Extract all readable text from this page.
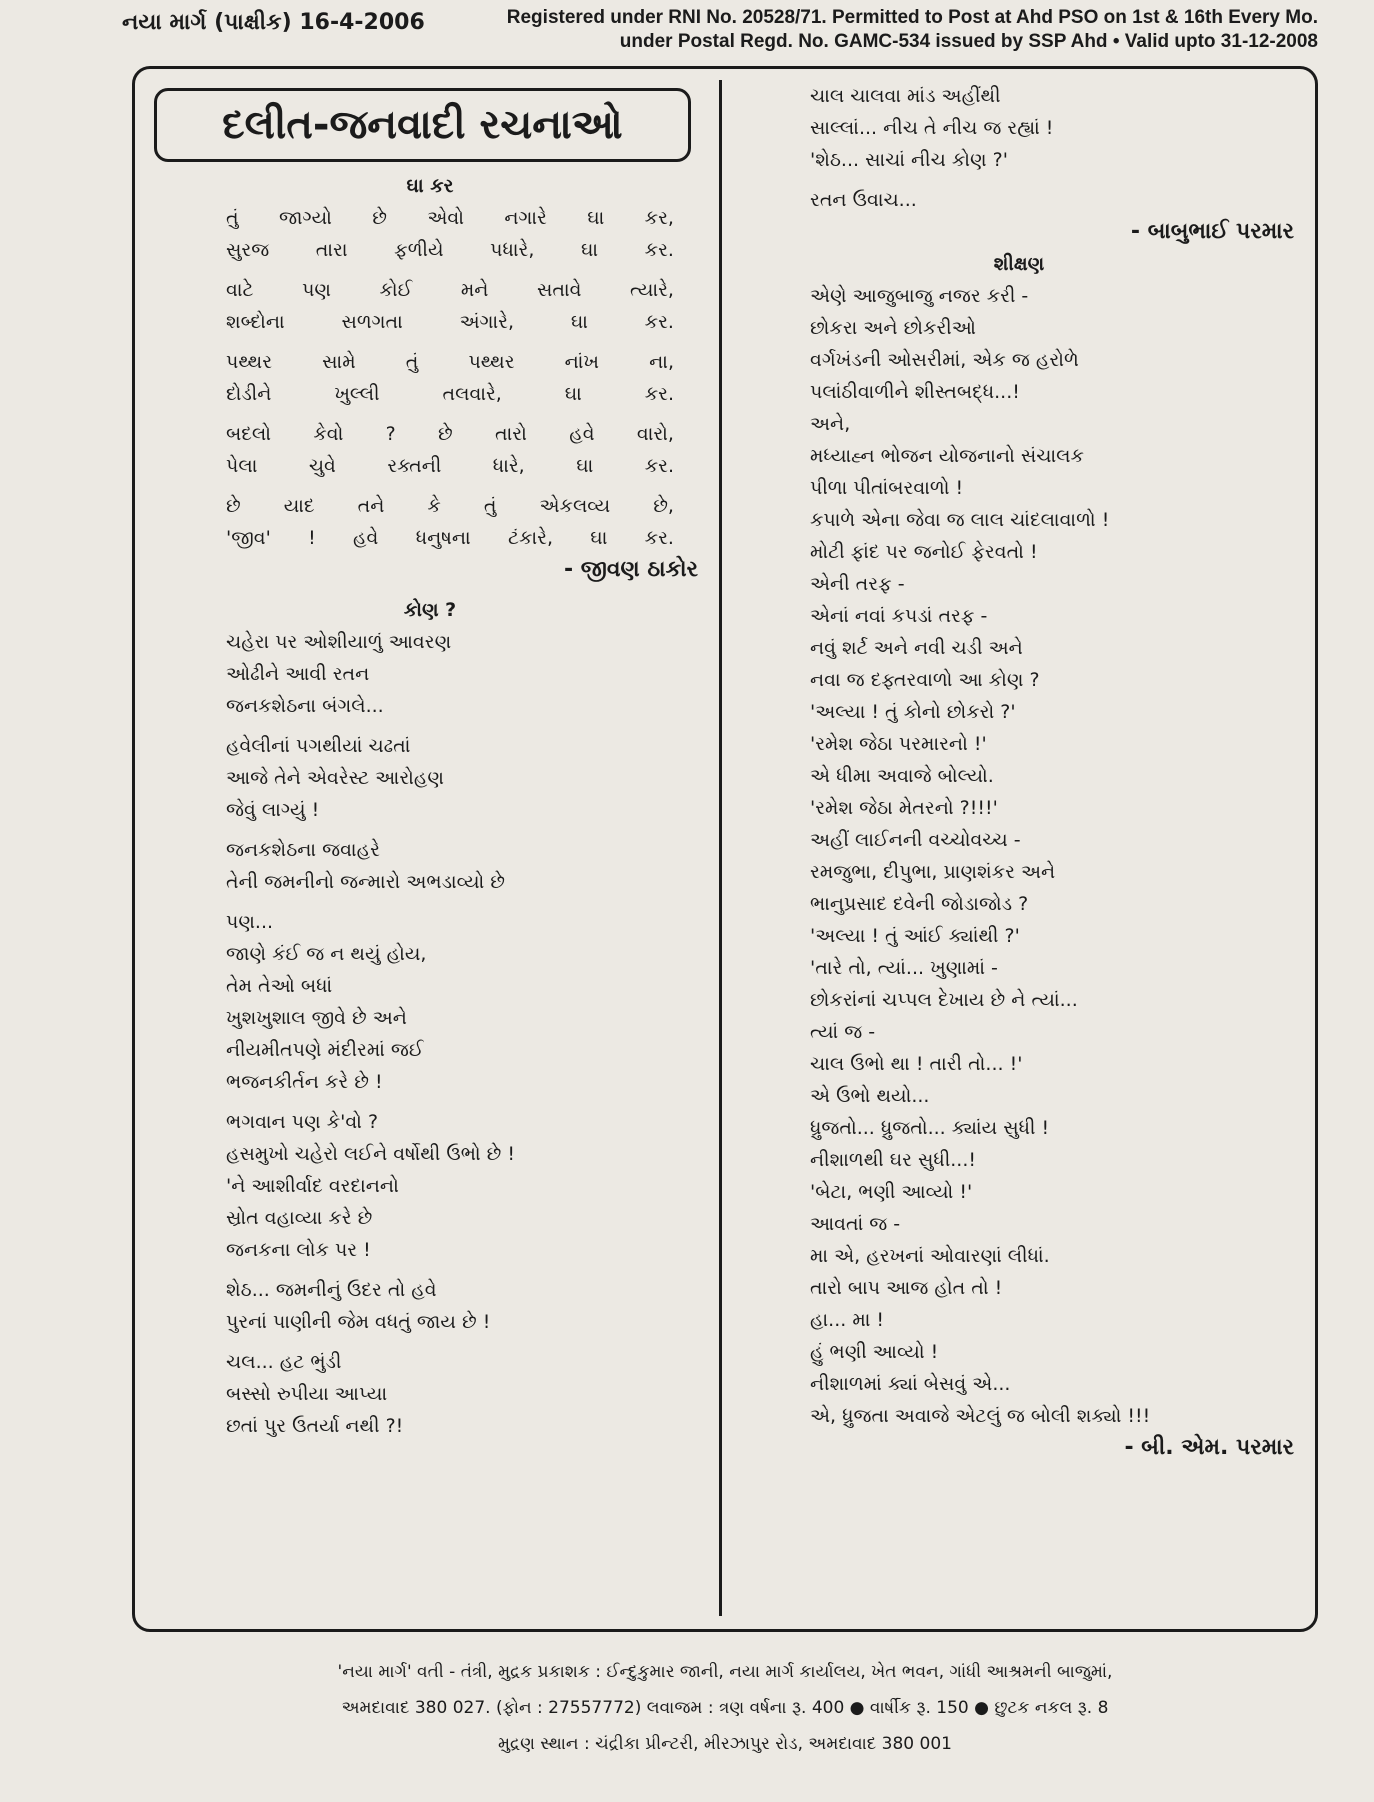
નયા માર્ગ (પાક્ષીક) 16-4-2006	Registered under RNI No. 20528/71. Permitted to Post at Ahd PSO on 1st & 16th Every Mo.
under Postal Regd. No. GAMC-534 issued by SSP Ahd • Valid upto 31-12-2008
દલીત-જનવાદી રચનાઓ
ઘા કર
તું જાગ્યો છે એવો નગારે ઘા કર,
સુરજ તારા ફળીયે પધારે, ઘા કર.
વાટે	પણ	કોઈ	મને	સતાવે	ત્યારે,
શબ્દોના	સળગતા	અંગારે,	ઘા	કર.
પથ્થર	સામે	તું	પથ્થર	નાંખ	ના,
દોડીને	ખુલ્લી	તલવારે,	ઘા	કર.
બદલો કેવો ? છે તારો હવે વારો,
પેલા	ચુવે	રક્તની	ધારે,	ઘા	કર.
છે યાદ તને કે તું એકલવ્ય છે,
'જીવ' ! હવે ધનુષના ટંકારે, ઘા કર.
- જીવણ ઠાકોર
કોણ ?
ચહેરા પર ઓશીયાળું આવરણ
ઓઢીને આવી રતન
જનકશેઠના બંગલે...
હવેલીનાં પગથીયાં ચઢતાં
આજે તેને એવરેસ્ટ આરોહણ
જેવું લાગ્યું !
જનકશેઠના જવાહરે
તેની જમનીનો જન્મારો અભડાવ્યો છે
પણ...
જાણે કંઈ જ ન થયું હોય,
તેમ તેઓ બધાં
ખુશખુશાલ જીવે છે અને
નીયમીતપણે મંદીરમાં જઈ
ભજનકીર્તન કરે છે !
ભગવાન પણ કે'વો ?
હસમુખો ચહેરો લઈને વર્ષોથી ઉભો છે !
'ને આશીર્વાદ વરદાનનો
સ્રોત વહાવ્યા કરે છે
જનકના લોક પર !
શેઠ... જમનીનું ઉદર તો હવે
પુરનાં પાણીની જેમ વધતું જાય છે !
ચલ... હટ ભુંડી
બસ્સો રુપીયા આપ્યા
છતાં પુર ઉતર્યા નથી ?!
ચાલ ચાલવા માંડ અહીંથી
સાલ્લાં... નીચ તે નીચ જ રહ્યાં !
'શેઠ... સાચાં નીચ કોણ ?'
રતન ઉવાચ...
- બાબુભાઈ પરમાર
શીક્ષણ
એણે આજુબાજુ નજર કરી -
છોકરા અને છોકરીઓ
વર્ગખંડની ઓસરીમાં, એક જ હરોળે
પલાંઠીવાળીને શીસ્તબદ્ધ...!
અને,
મધ્યાહ્ન ભોજન યોજનાનો સંચાલક
પીળા પીતાંબરવાળો !
કપાળે એના જેવા જ લાલ ચાંદલાવાળો !
મોટી ફાંદ પર જનોઈ ફેરવતો !
એની તરફ -
એનાં નવાં કપડાં તરફ -
નવું શર્ટ અને નવી ચડી અને
નવા જ દફ્તરવાળો આ કોણ ?
'અલ્યા ! તું કોનો છોકરો ?'
'રમેશ જેઠા પરમારનો !'
એ ધીમા અવાજે બોલ્યો.
'રમેશ જેઠા મેતરનો ?!!!'
અહીં લાઈનની વચ્ચોવચ્ચ -
રમજુભા, દીપુભા, પ્રાણશંકર અને
ભાનુપ્રસાદ દવેની જોડાજોડ ?
'અલ્યા ! તું આંઈ ક્યાંથી ?'
'તારે તો, ત્યાં... ખુણામાં -
છોકરાંનાં ચપ્પલ દેખાય છે ને ત્યાં...
ત્યાં જ -
ચાલ ઉભો થા ! તારી તો... !'
એ ઉભો થયો...
ધ્રુજતો... ધ્રુજતો... ક્યાંય સુધી !
નીશાળથી ઘર સુધી...!
'બેટા, ભણી આવ્યો !'
આવતાં જ -
મા એ, હરખનાં ઓવારણાં લીધાં.
તારો બાપ આજ હોત તો !
હા... મા !
હું ભણી આવ્યો !
નીશાળમાં ક્યાં બેસવું એ...
એ, ધ્રુજતા અવાજે એટલું જ બોલી શક્યો !!!
- બી. એમ. પરમાર
'નયા માર્ગ' વતી - તંત્રી, મુદ્રક પ્રકાશક : ઈન્દુકુમાર જાની, નયા માર્ગ કાર્યાલય, ખેત ભવન, ગાંધી આશ્રમની બાજુમાં,
અમદાવાદ 380 027. (ફોન : 27557772) લવાજમ : ત્રણ વર્ષના રૂ. 400 ● વાર્ષીક રૂ. 150 ● છુટક નકલ રૂ. 8
મુદ્રણ સ્થાન : ચંદ્રીકા પ્રીન્ટરી, મીરઝાપુર રોડ, અમદાવાદ 380 001
